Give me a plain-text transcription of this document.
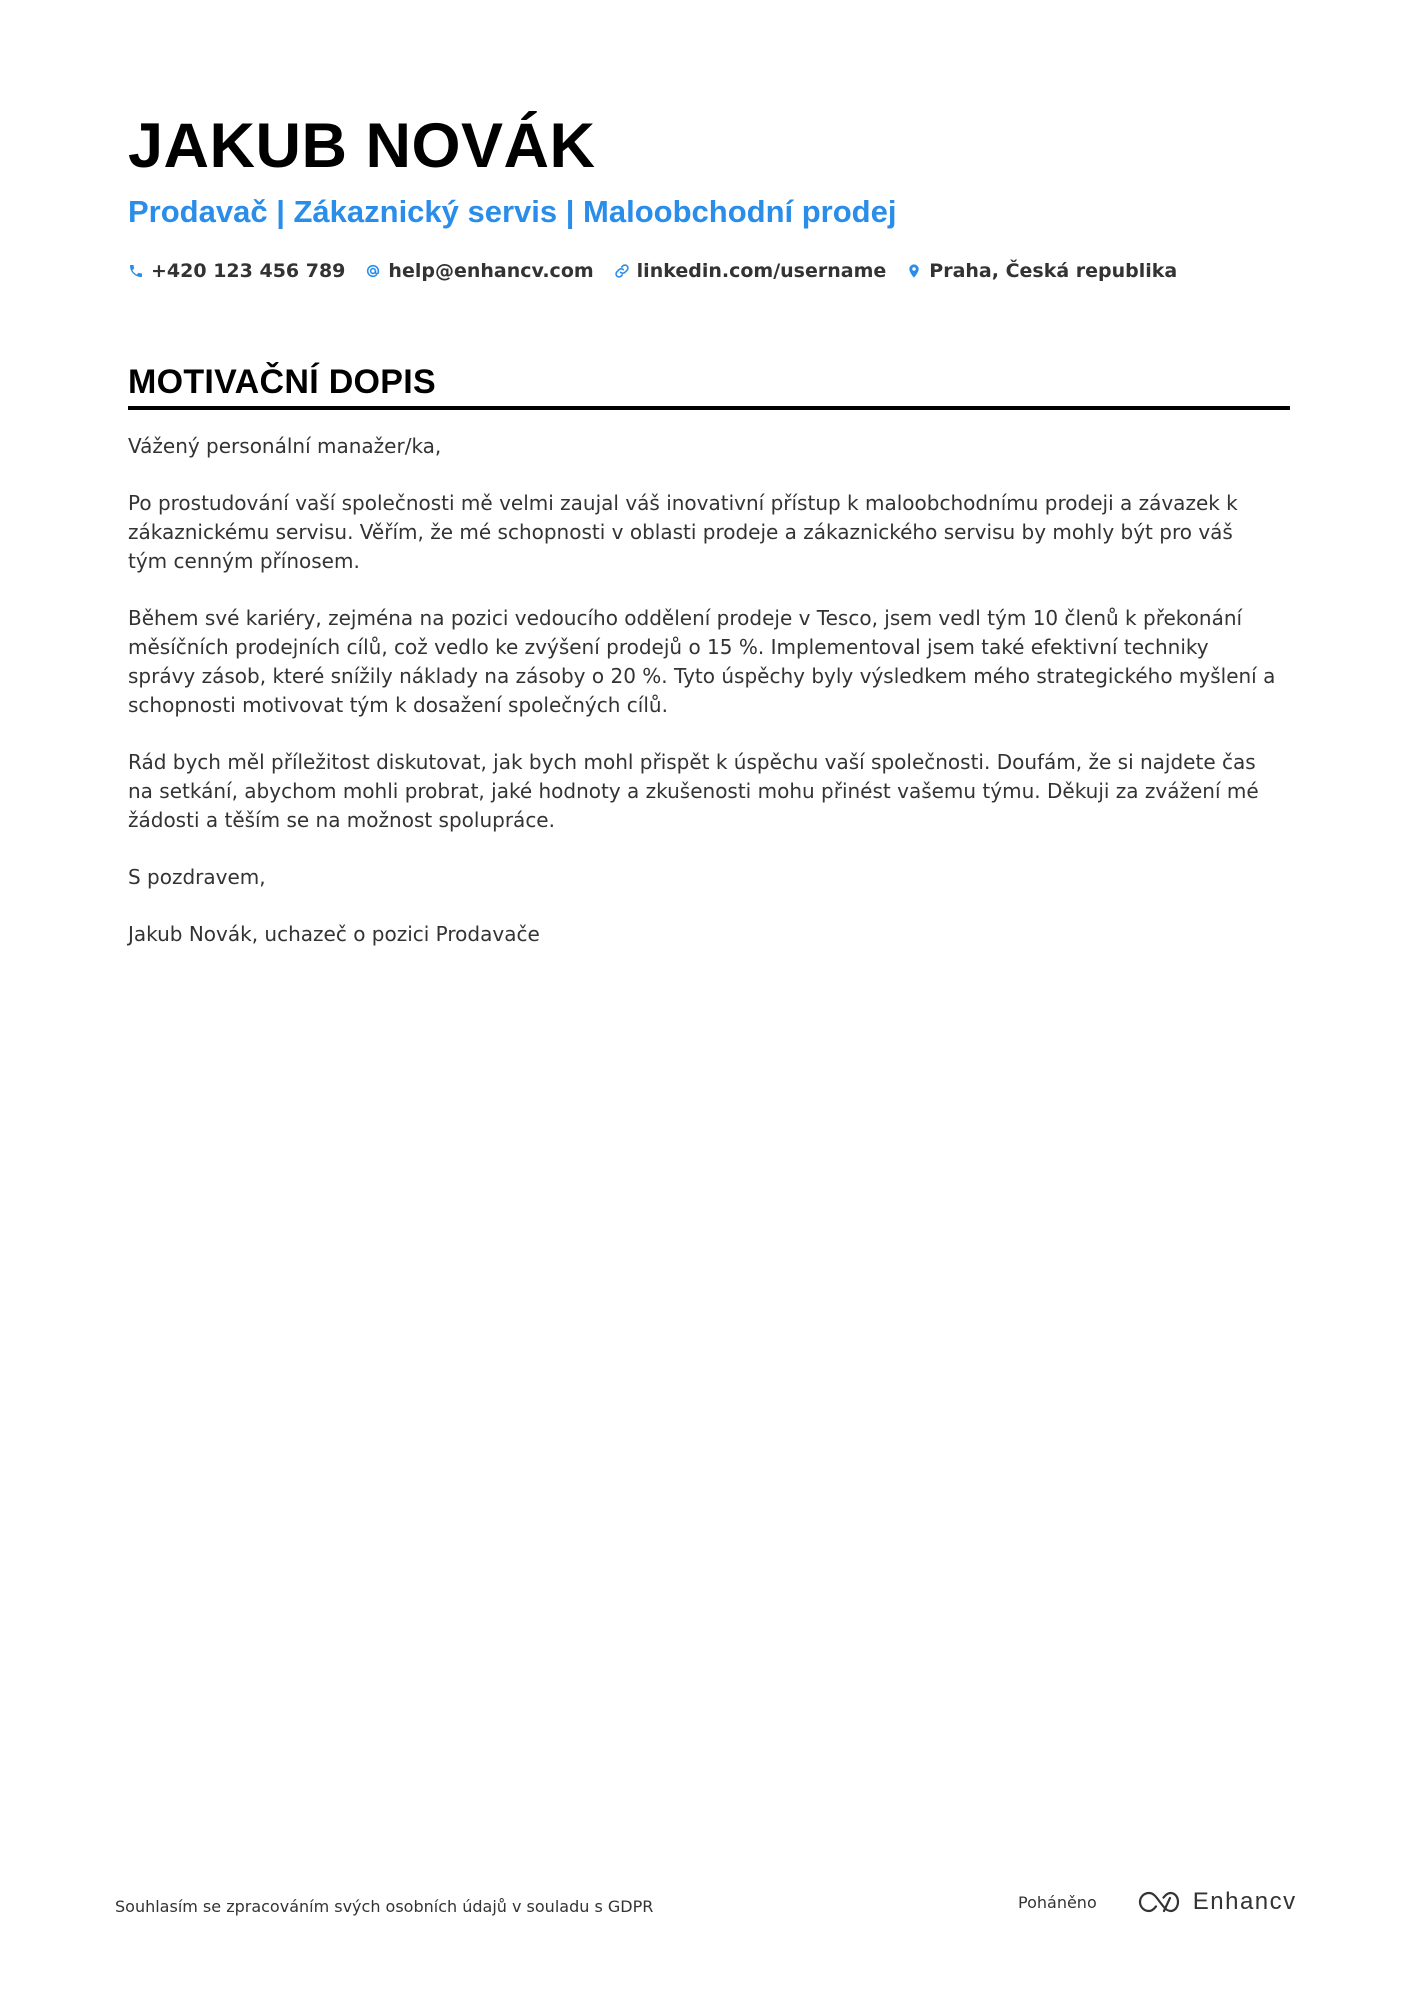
JAKUB NOVÁK
Prodavač | Zákaznický servis | Maloobchodní prodej
+420 123 456 789 help@enhancv.com linkedin.com/username Praha, Česká republika
MOTIVAČNÍ DOPIS

Vážený personální manažer/ka,

Po prostudování vaší společnosti mě velmi zaujal váš inovativní přístup k maloobchodnímu prodeji a závazek k zákaznickému servisu. Věřím, že mé schopnosti v oblasti prodeje a zákaznického servisu by mohly být pro váš tým cenným přínosem.

Během své kariéry, zejména na pozici vedoucího oddělení prodeje v Tesco, jsem vedl tým 10 členů k překonání měsíčních prodejních cílů, což vedlo ke zvýšení prodejů o 15 %. Implementoval jsem také efektivní techniky správy zásob, které snížily náklady na zásoby o 20 %. Tyto úspěchy byly výsledkem mého strategického myšlení a schopnosti motivovat tým k dosažení společných cílů.

Rád bych měl příležitost diskutovat, jak bych mohl přispět k úspěchu vaší společnosti. Doufám, že si najdete čas na setkání, abychom mohli probrat, jaké hodnoty a zkušenosti mohu přinést vašemu týmu. Děkuji za zvážení mé žádosti a těším se na možnost spolupráce.

S pozdravem,

Jakub Novák, uchazeč o pozici Prodavače

Souhlasím se zpracováním svých osobních údajů v souladu s GDPR	Poháněno	Enhancv
